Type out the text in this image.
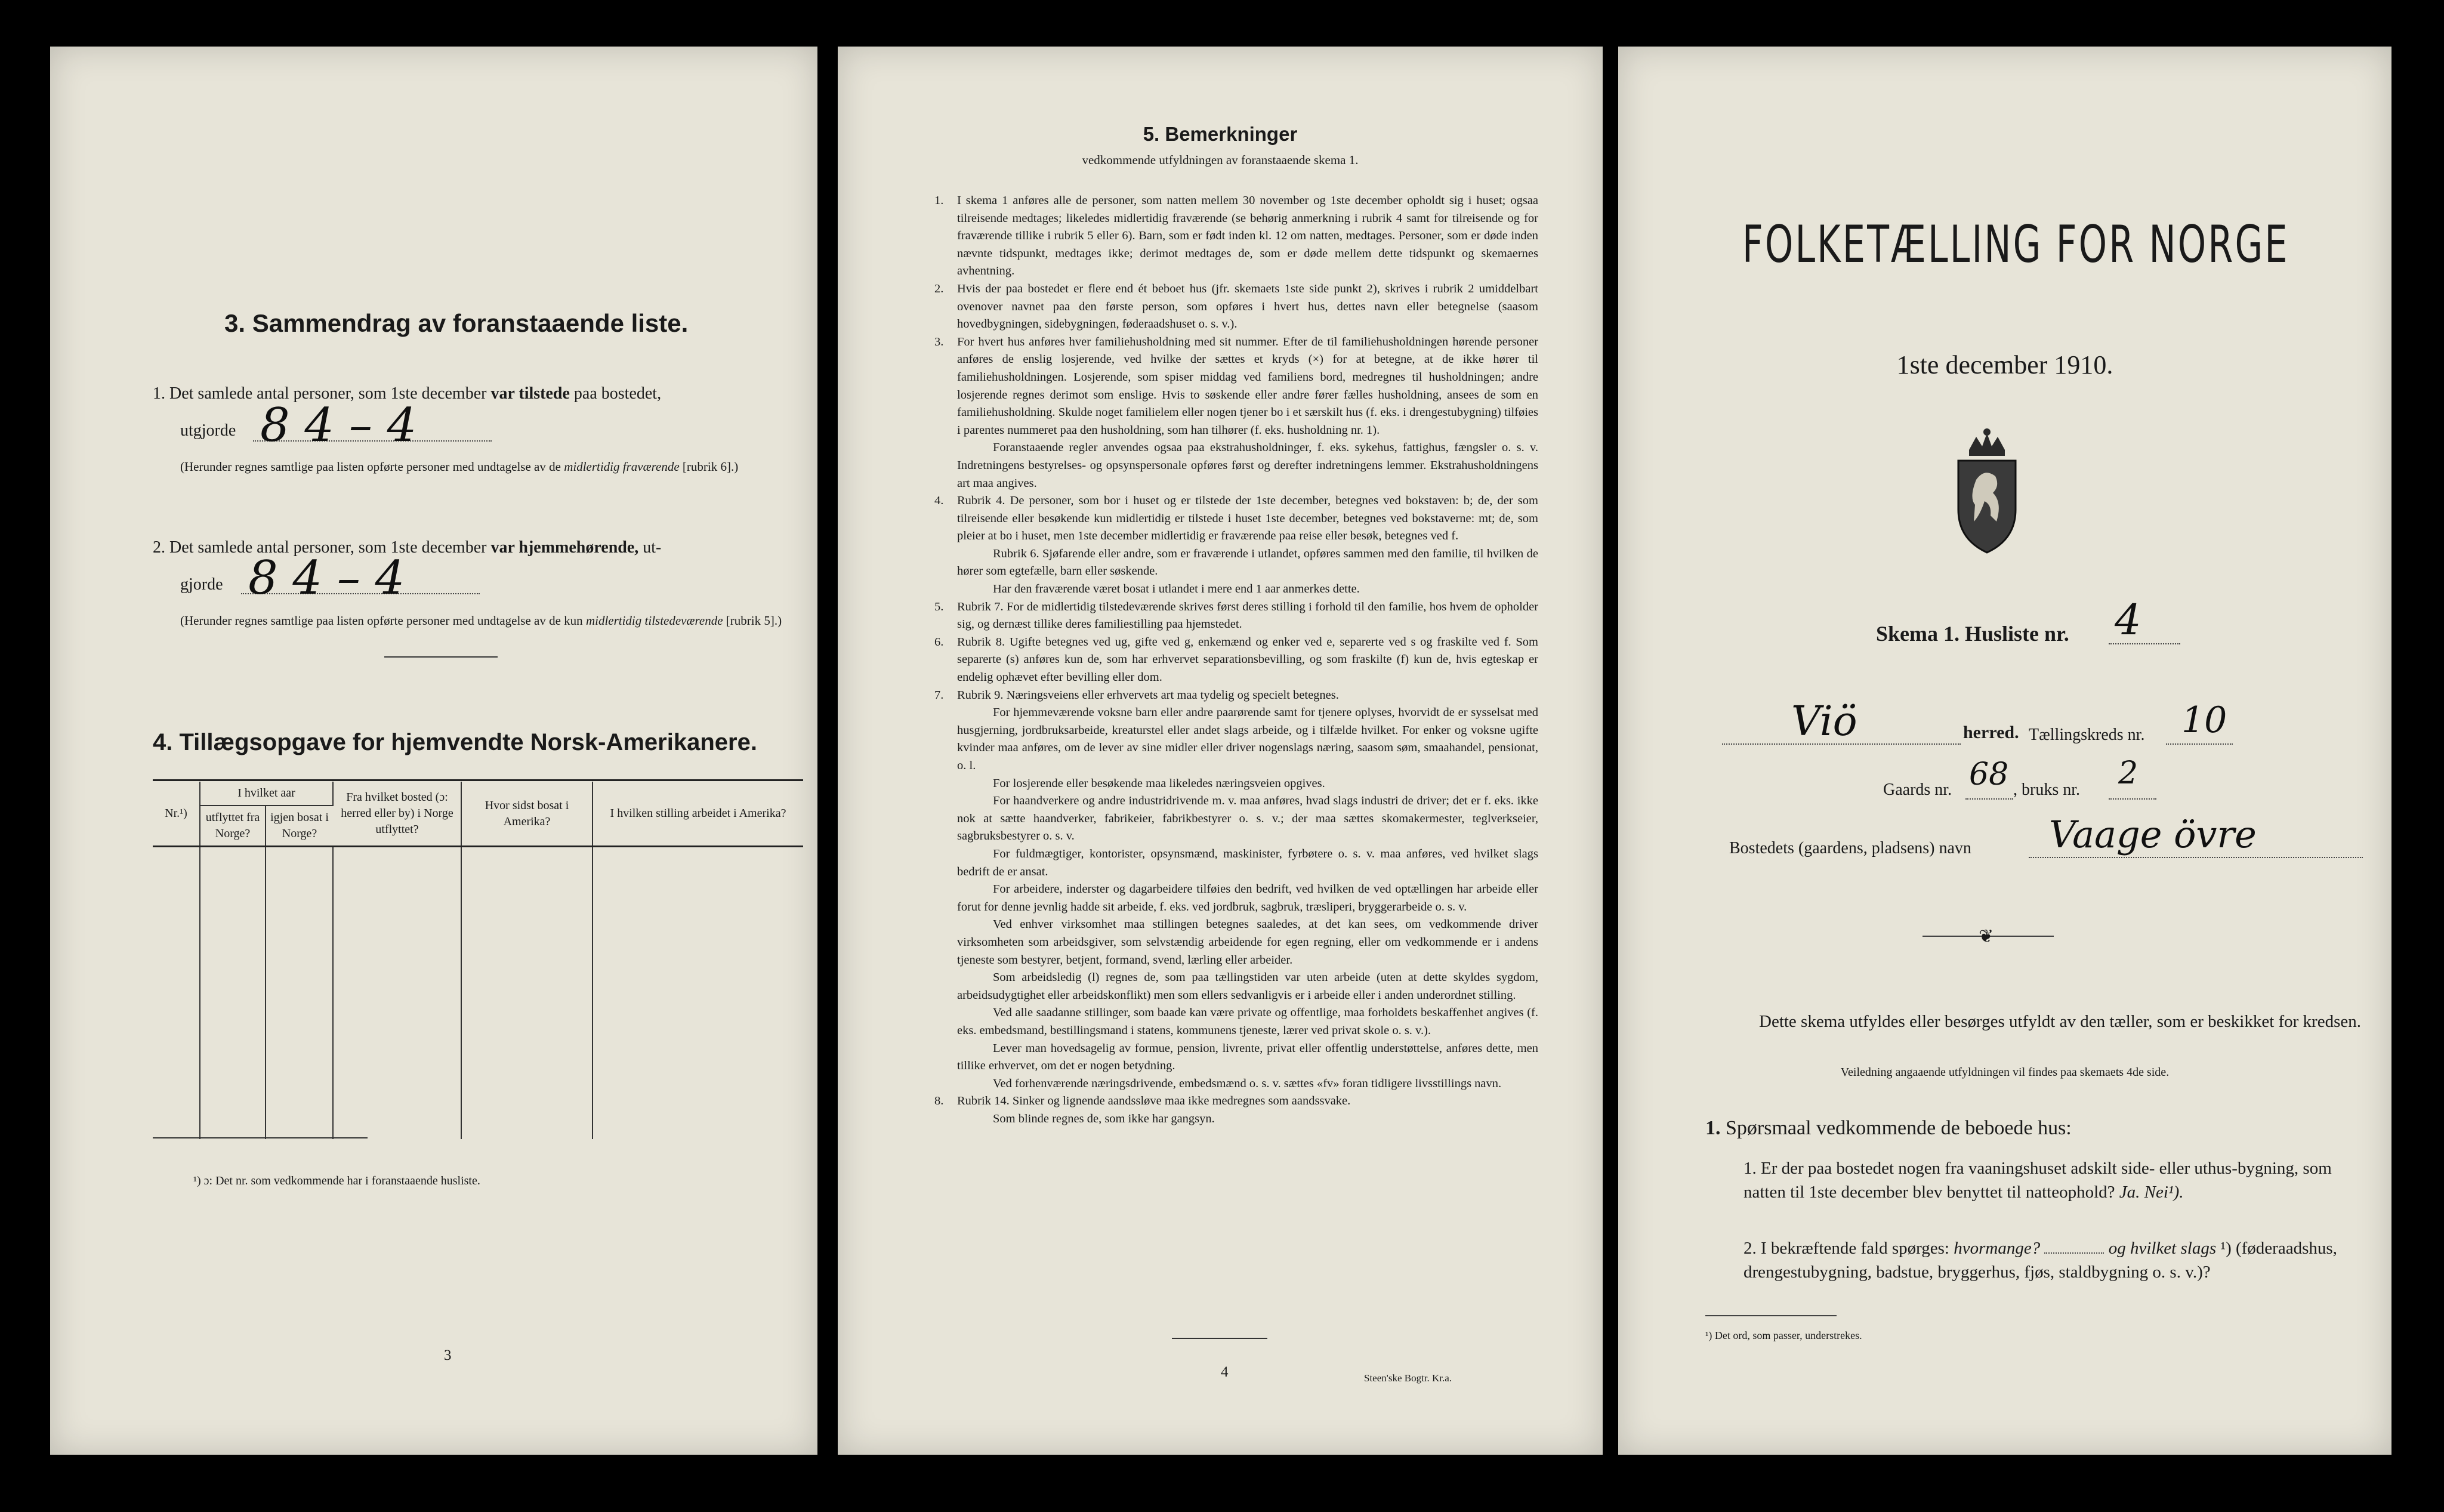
3. Sammendrag av foranstaaende liste.
1. Det samlede antal personer, som 1ste december var tilstede paa bostedet,
utgjorde 8 4 – 4
(Herunder regnes samtlige paa listen opførte personer med undtagelse av de midlertidig fraværende [rubrik 6].)
2. Det samlede antal personer, som 1ste december var hjemmehørende, ut-
gjorde 8 4 – 4
(Herunder regnes samtlige paa listen opførte personer med undtagelse av de kun midlertidig tilstedeværende [rubrik 5].)
4. Tillægsopgave for hjemvendte Norsk-Amerikanere.
Nr.¹)	I hvilket aar		Fra hvilket bosted (ɔ: herred eller by) i Norge utflyttet?	Hvor sidst bosat i Amerika?	I hvilken stilling arbeidet i Amerika?
	utflyttet fra Norge?	igjen bosat i Norge?			

¹) ɔ: Det nr. som vedkommende har i foranstaaende husliste.
3
5. Bemerkninger
vedkommende utfyldningen av foranstaaende skema 1.

1. I skema 1 anføres alle de personer, som natten mellem 30 november og 1ste december opholdt sig i huset; ogsaa tilreisende medtages; likeledes midlertidig fraværende (se behørig anmerkning i rubrik 4 samt for tilreisende og for fraværende tillike i rubrik 5 eller 6). Barn, som er født inden kl. 12 om natten, medtages. Personer, som er døde inden nævnte tidspunkt, medtages ikke; derimot medtages de, som er døde mellem dette tidspunkt og skemaernes avhentning.

2. Hvis der paa bostedet er flere end ét beboet hus (jfr. skemaets 1ste side punkt 2), skrives i rubrik 2 umiddelbart ovenover navnet paa den første person, som opføres i hvert hus, dettes navn eller betegnelse (saasom hovedbygningen, sidebygningen, føderaadshuset o. s. v.).

3. For hvert hus anføres hver familiehusholdning med sit nummer. Efter de til familiehusholdningen hørende personer anføres de enslig losjerende, ved hvilke der sættes et kryds (×) for at betegne, at de ikke hører til familiehusholdningen. Losjerende, som spiser middag ved familiens bord, medregnes til husholdningen; andre losjerende regnes derimot som enslige. Hvis to søskende eller andre fører fælles husholdning, ansees de som en familiehusholdning. Skulde noget familielem eller nogen tjener bo i et særskilt hus (f. eks. i drengestubygning) tilføies i parentes nummeret paa den husholdning, som han tilhører (f. eks. husholdning nr. 1).

Foranstaaende regler anvendes ogsaa paa ekstrahusholdninger, f. eks. sykehus, fattighus, fængsler o. s. v. Indretningens bestyrelses- og opsynspersonale opføres først og derefter indretningens lemmer. Ekstrahusholdningens art maa angives.

4. Rubrik 4. De personer, som bor i huset og er tilstede der 1ste december, betegnes ved bokstaven: b; de, der som tilreisende eller besøkende kun midlertidig er tilstede i huset 1ste december, betegnes ved bokstaverne: mt; de, som pleier at bo i huset, men 1ste december midlertidig er fraværende paa reise eller besøk, betegnes ved f.

Rubrik 6. Sjøfarende eller andre, som er fraværende i utlandet, opføres sammen med den familie, til hvilken de hører som egtefælle, barn eller søskende.

Har den fraværende været bosat i utlandet i mere end 1 aar anmerkes dette.

5. Rubrik 7. For de midlertidig tilstedeværende skrives først deres stilling i forhold til den familie, hos hvem de opholder sig, og dernæst tillike deres familiestilling paa hjemstedet.

6. Rubrik 8. Ugifte betegnes ved ug, gifte ved g, enkemænd og enker ved e, separerte ved s og fraskilte ved f. Som separerte (s) anføres kun de, som har erhvervet separationsbevilling, og som fraskilte (f) kun de, hvis egteskap er endelig ophævet efter bevilling eller dom.

7. Rubrik 9. Næringsveiens eller erhvervets art maa tydelig og specielt betegnes.

For hjemmeværende voksne barn eller andre paarørende samt for tjenere oplyses, hvorvidt de er sysselsat med husgjerning, jordbruksarbeide, kreaturstel eller andet slags arbeide, og i tilfælde hvilket. For enker og voksne ugifte kvinder maa anføres, om de lever av sine midler eller driver nogenslags næring, saasom søm, smaahandel, pensionat, o. l.

For losjerende eller besøkende maa likeledes næringsveien opgives.

For haandverkere og andre industridrivende m. v. maa anføres, hvad slags industri de driver; det er f. eks. ikke nok at sætte haandverker, fabrikeier, fabrikbestyrer o. s. v.; der maa sættes skomakermester, teglverkseier, sagbruksbestyrer o. s. v.

For fuldmægtiger, kontorister, opsynsmænd, maskinister, fyrbøtere o. s. v. maa anføres, ved hvilket slags bedrift de er ansat.

For arbeidere, inderster og dagarbeidere tilføies den bedrift, ved hvilken de ved optællingen har arbeide eller forut for denne jevnlig hadde sit arbeide, f. eks. ved jordbruk, sagbruk, træsliperi, bryggerarbeide o. s. v.

Ved enhver virksomhet maa stillingen betegnes saaledes, at det kan sees, om vedkommende driver virksomheten som arbeidsgiver, som selvstændig arbeidende for egen regning, eller om vedkommende er i andens tjeneste som bestyrer, betjent, formand, svend, lærling eller arbeider.

Som arbeidsledig (l) regnes de, som paa tællingstiden var uten arbeide (uten at dette skyldes sygdom, arbeidsudygtighet eller arbeidskonflikt) men som ellers sedvanligvis er i arbeide eller i anden underordnet stilling.

Ved alle saadanne stillinger, som baade kan være private og offentlige, maa forholdets beskaffenhet angives (f. eks. embedsmand, bestillingsmand i statens, kommunens tjeneste, lærer ved privat skole o. s. v.).

Lever man hovedsagelig av formue, pension, livrente, privat eller offentlig understøttelse, anføres dette, men tillike erhvervet, om det er nogen betydning.

Ved forhenværende næringsdrivende, embedsmænd o. s. v. sættes «fv» foran tidligere livsstillings navn.

8. Rubrik 14. Sinker og lignende aandssløve maa ikke medregnes som aandssvake.

Som blinde regnes de, som ikke har gangsyn.

4	Steen'ske Bogtr. Kr.a.
FOLKETÆLLING FOR NORGE
1ste december 1910.
Skema 1. Husliste nr. 4
Viö	herred. Tællingskreds nr. 10
Gaards nr. 68 , bruks nr. 2
Bostedets (gaardens, pladsens) navn Vaage övre
❦
Dette skema utfyldes eller besørges utfyldt av den tæller, som er beskikket for kredsen.
Veiledning angaaende utfyldningen vil findes paa skemaets 4de side.
1. Spørsmaal vedkommende de beboede hus:
1. Er der paa bostedet nogen fra vaaningshuset adskilt side- eller uthus-bygning, som natten til 1ste december blev benyttet til natteophold? Ja. Nei¹).
2. I bekræftende fald spørges: hvormange?	og hvilket slags ¹) (føderaadshus, drengestubygning, badstue, bryggerhus, fjøs, staldbygning o. s. v.)?
¹) Det ord, som passer, understrekes.
